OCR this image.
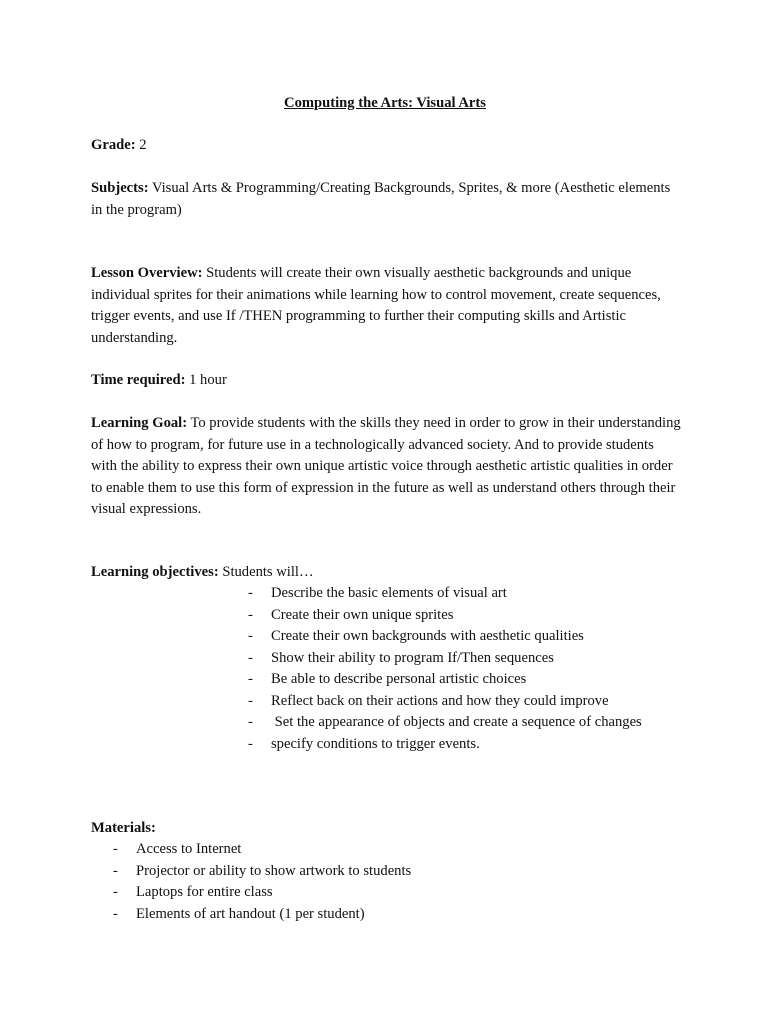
Computing the Arts: Visual Arts

Grade: 2

Subjects: Visual Arts & Programming/Creating Backgrounds, Sprites, & more (Aesthetic elements in the program)

Lesson Overview: Students will create their own visually aesthetic backgrounds and unique individual sprites for their animations while learning how to control movement, create sequences, trigger events, and use If /THEN programming to further their computing skills and Artistic understanding.

Time required: 1 hour

Learning Goal: To provide students with the skills they need in order to grow in their understanding of how to program, for future use in a technologically advanced society. And to provide students with the ability to express their own unique artistic voice through aesthetic artistic qualities in order to enable them to use this form of expression in the future as well as understand others through their visual expressions.

Learning objectives: Students will…

- Describe the basic elements of visual art
- Create their own unique sprites
- Create their own backgrounds with aesthetic qualities
- Show their ability to program If/Then sequences
- Be able to describe personal artistic choices
- Reflect back on their actions and how they could improve
- Set the appearance of objects and create a sequence of changes
- specify conditions to trigger events.

Materials:

- Access to Internet
- Projector or ability to show artwork to students
- Laptops for entire class
- Elements of art handout (1 per student)
